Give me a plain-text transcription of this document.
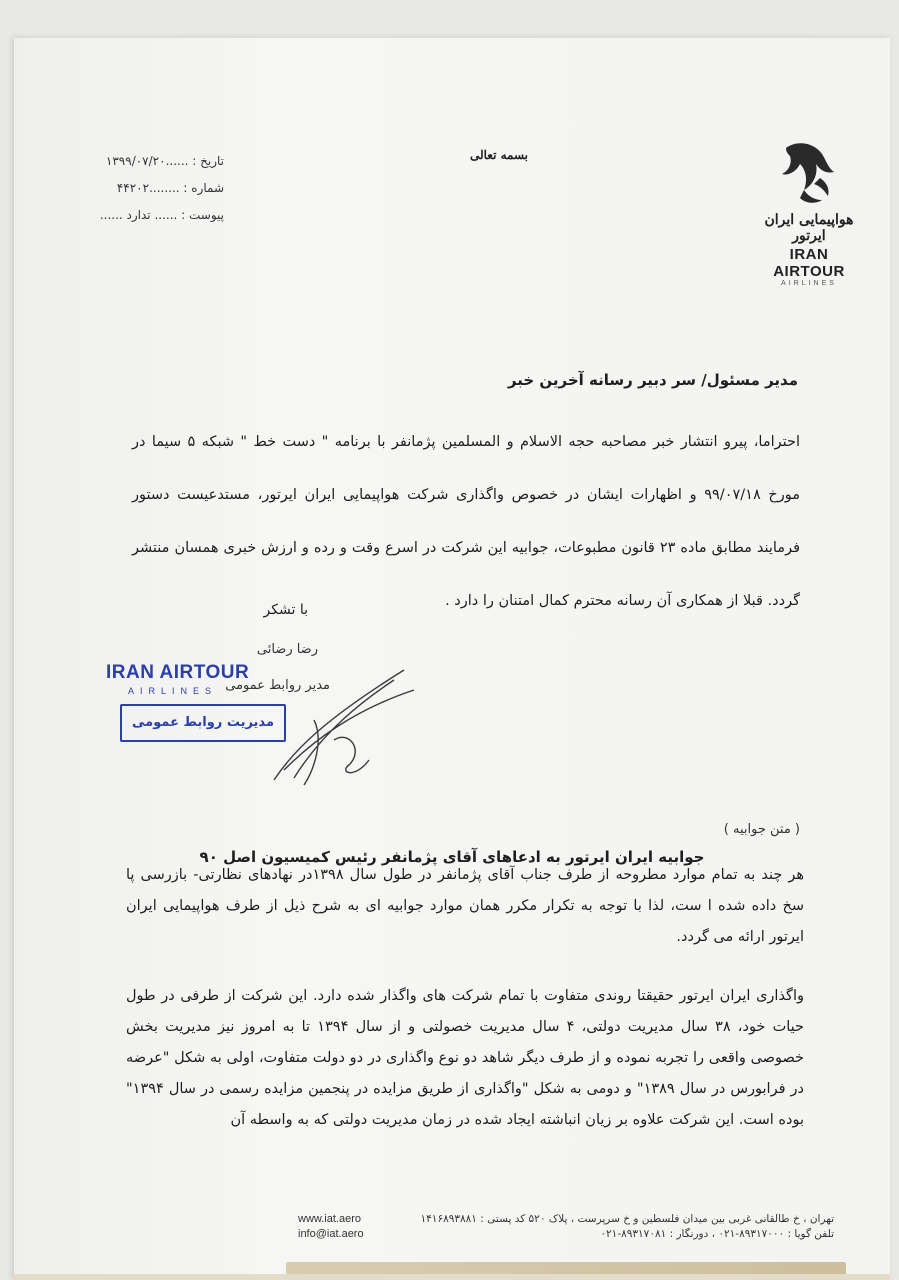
بسمه تعالی
تاریخ : ......۱۳۹۹/۰۷/۲۰
شماره : ........۴۴۲۰۲
پیوست : ...... تدارد ......	هواپیمایی ایران ایرتور
IRAN AIRTOUR
AIRLINES
مدیر مسئول/ سر دبیر رسانه آخرین خبر
احتراما، پیرو انتشار خبر مصاحبه حجه الاسلام و المسلمین پژمانفر با برنامه " دست خط " شبکه ۵ سیما در مورخ ۹۹/۰۷/۱۸ و اظهارات ایشان در خصوص واگذاری شرکت هواپیمایی ایران ایرتور، مستدعیست دستور فرمایند مطابق ماده ۲۳ قانون مطبوعات، جوابیه این شرکت در اسرع وقت و رده و ارزش خبری همسان منتشر گردد. قبلا از همکاری آن رسانه محترم کمال امتنان را دارد .
با تشکر
رضا رضائی
مدیر روابط عمومی
IRAN AIRTOUR
AIRLINES
مدیریت روابط عمومی
( متن جوابیه )
جوابیه ایران ایرتور به ادعاهای آقای پژمانفر رئیس کمیسیون اصل ۹۰
هر چند به تمام موارد مطروحه از طرف جناب آقای پژمانفر در طول سال ۱۳۹۸در نهادهای نظارتی- بازرسی پا سخ داده شده ا ست، لذا با توجه به تکرار مکرر همان موارد جوابیه ای به شرح ذیل از طرف هواپیمایی ایران ایرتور ارائه می گردد.
واگذاری ایران ایرتور حقیقتا روندی متفاوت با تمام شرکت های واگذار شده دارد. این شرکت از طرفی در طول حیات خود، ۳۸ سال مدیریت دولتی، ۴ سال مدیریت خصولتی و از سال ۱۳۹۴ تا به امروز نیز مدیریت بخش خصوصی واقعی را تجربه نموده و از طرف دیگر شاهد دو نوع واگذاری در دو دولت متفاوت، اولی به شکل "عرضه در فرابورس در سال ۱۳۸۹" و دومی به شکل "واگذاری از طریق مزایده در پنجمین مزایده رسمی در سال ۱۳۹۴" بوده است. این شرکت علاوه بر زیان انباشته ایجاد شده در زمان مدیریت دولتی که به واسطه آن
تهران ، خ طالقانی غربی بین میدان فلسطین و خ سرپرست ، پلاک ۵۲۰ کد پستی : ۱۴۱۶۸۹۳۸۸۱
تلفن گویا : ۸۹۳۱۷۰۰۰-۰۲۱ ، دورنگار : ۸۹۳۱۷۰۸۱-۰۲۱
www.iat.aero
info@iat.aero
